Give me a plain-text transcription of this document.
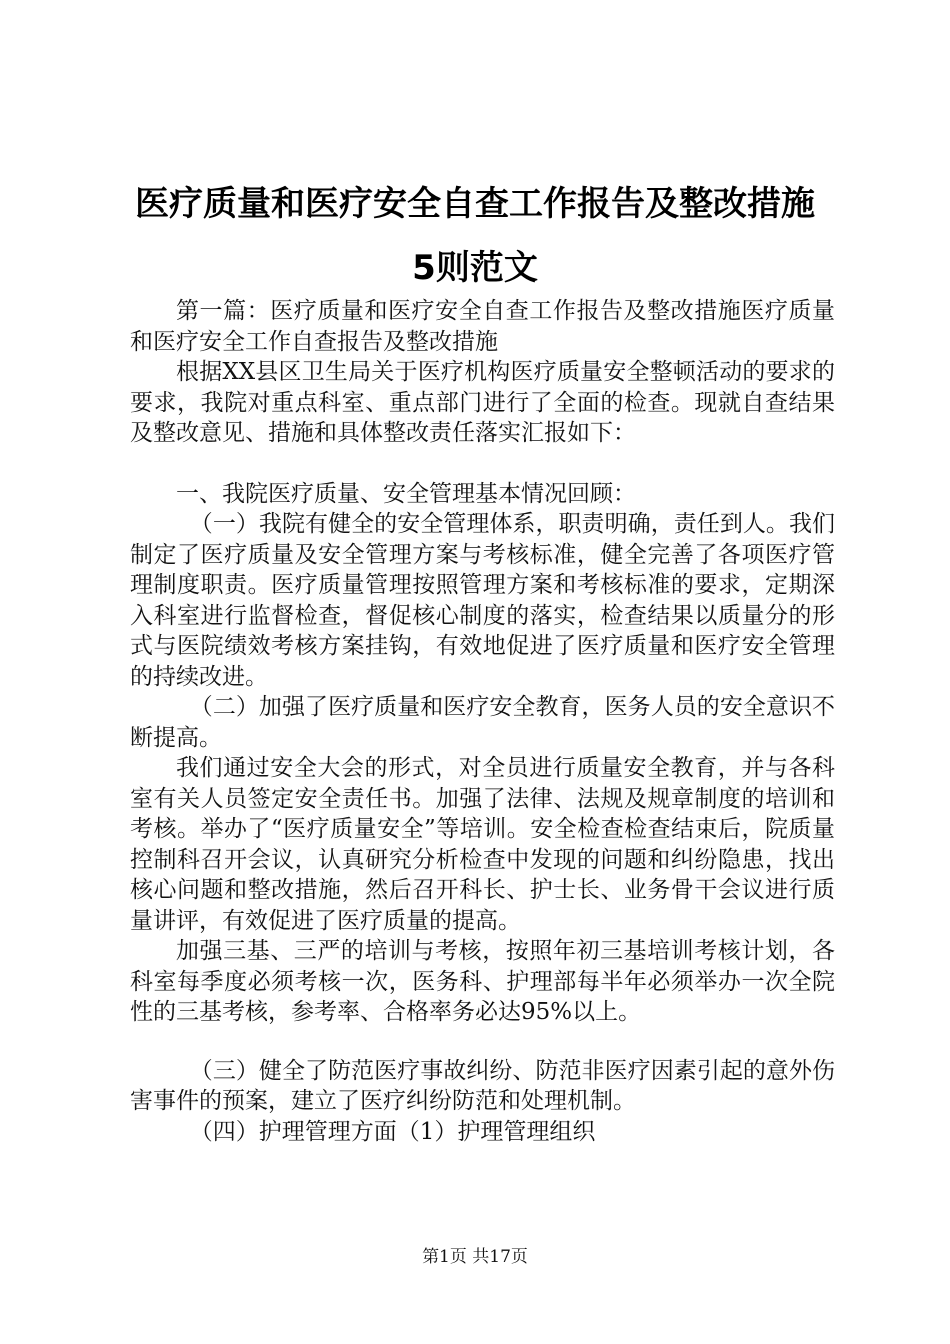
医疗质量和医疗安全自查工作报告及整改措施
5则范文

第一篇：医疗质量和医疗安全自查工作报告及整改措施医疗质量和医疗安全工作自查报告及整改措施

根据XX县区卫生局关于医疗机构医疗质量安全整顿活动的要求的要求，我院对重点科室、重点部门进行了全面的检查。现就自查结果及整改意见、措施和具体整改责任落实汇报如下：

一、我院医疗质量、安全管理基本情况回顾：

（一）我院有健全的安全管理体系，职责明确，责任到人。我们制定了医疗质量及安全管理方案与考核标准，健全完善了各项医疗管理制度职责。医疗质量管理按照管理方案和考核标准的要求，定期深入科室进行监督检查，督促核心制度的落实，检查结果以质量分的形式与医院绩效考核方案挂钩，有效地促进了医疗质量和医疗安全管理的持续改进。

（二）加强了医疗质量和医疗安全教育，医务人员的安全意识不断提高。

我们通过安全大会的形式，对全员进行质量安全教育，并与各科室有关人员签定安全责任书。加强了法律、法规及规章制度的培训和考核。举办了“医疗质量安全”等培训。安全检查检查结束后，院质量控制科召开会议，认真研究分析检查中发现的问题和纠纷隐患，找出核心问题和整改措施，然后召开科长、护士长、业务骨干会议进行质量讲评，有效促进了医疗质量的提高。

加强三基、三严的培训与考核，按照年初三基培训考核计划，各科室每季度必须考核一次，医务科、护理部每半年必须举办一次全院性的三基考核，参考率、合格率务必达95%以上。

（三）健全了防范医疗事故纠纷、防范非医疗因素引起的意外伤害事件的预案，建立了医疗纠纷防范和处理机制。

（四）护理管理方面（1）护理管理组织

第1页 共17页
